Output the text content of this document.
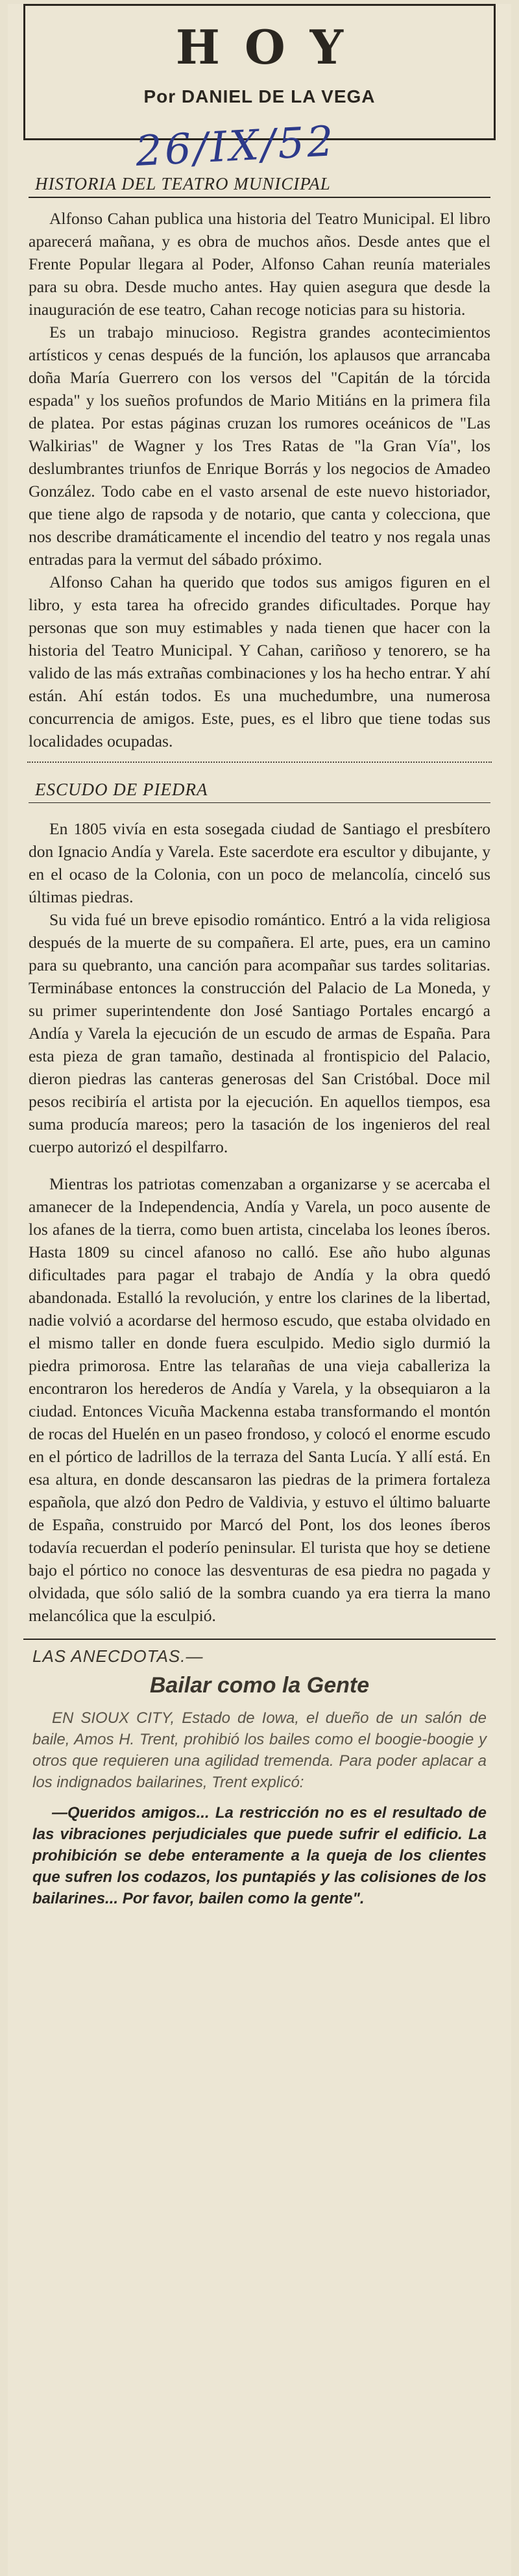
HOY
Por DANIEL DE LA VEGA
26/IX/52
HISTORIA DEL TEATRO MUNICIPAL

Alfonso Cahan publica una historia del Teatro Municipal. El libro aparecerá mañana, y es obra de muchos años. Desde antes que el Frente Popular llegara al Poder, Alfonso Cahan reunía materiales para su obra. Desde mucho antes. Hay quien asegura que desde la inauguración de ese teatro, Cahan recoge noticias para su historia.

Es un trabajo minucioso. Registra grandes acontecimientos artísticos y cenas después de la función, los aplausos que arrancaba doña María Guerrero con los versos del "Capitán de la tórcida espada" y los sueños profundos de Mario Mitiáns en la primera fila de platea. Por estas páginas cruzan los rumores oceánicos de "Las Walkirias" de Wagner y los Tres Ratas de "la Gran Vía", los deslumbrantes triunfos de Enrique Borrás y los negocios de Amadeo González. Todo cabe en el vasto arsenal de este nuevo historiador, que tiene algo de rapsoda y de notario, que canta y colecciona, que nos describe dramáticamente el incendio del teatro y nos regala unas entradas para la vermut del sábado próximo.

Alfonso Cahan ha querido que todos sus amigos figuren en el libro, y esta tarea ha ofrecido grandes dificultades. Porque hay personas que son muy estimables y nada tienen que hacer con la historia del Teatro Municipal. Y Cahan, cariñoso y tenorero, se ha valido de las más extrañas combinaciones y los ha hecho entrar. Y ahí están. Ahí están todos. Es una muchedumbre, una numerosa concurrencia de amigos. Este, pues, es el libro que tiene todas sus localidades ocupadas.

ESCUDO DE PIEDRA

En 1805 vivía en esta sosegada ciudad de Santiago el presbítero don Ignacio Andía y Varela. Este sacerdote era escultor y dibujante, y en el ocaso de la Colonia, con un poco de melancolía, cinceló sus últimas piedras.

Su vida fué un breve episodio romántico. Entró a la vida religiosa después de la muerte de su compañera. El arte, pues, era un camino para su quebranto, una canción para acompañar sus tardes solitarias. Terminábase entonces la construcción del Palacio de La Moneda, y su primer superintendente don José Santiago Portales encargó a Andía y Varela la ejecución de un escudo de armas de España. Para esta pieza de gran tamaño, destinada al frontispicio del Palacio, dieron piedras las canteras generosas del San Cristóbal. Doce mil pesos recibiría el artista por la ejecución. En aquellos tiempos, esa suma producía mareos; pero la tasación de los ingenieros del real cuerpo autorizó el despilfarro.

Mientras los patriotas comenzaban a organizarse y se acercaba el amanecer de la Independencia, Andía y Varela, un poco ausente de los afanes de la tierra, como buen artista, cincelaba los leones íberos. Hasta 1809 su cincel afanoso no calló. Ese año hubo algunas dificultades para pagar el trabajo de Andía y la obra quedó abandonada. Estalló la revolución, y entre los clarines de la libertad, nadie volvió a acordarse del hermoso escudo, que estaba olvidado en el mismo taller en donde fuera esculpido. Medio siglo durmió la piedra primorosa. Entre las telarañas de una vieja caballeriza la encontraron los herederos de Andía y Varela, y la obsequiaron a la ciudad. Entonces Vicuña Mackenna estaba transformando el montón de rocas del Huelén en un paseo frondoso, y colocó el enorme escudo en el pórtico de ladrillos de la terraza del Santa Lucía. Y allí está. En esa altura, en donde descansaron las piedras de la primera fortaleza española, que alzó don Pedro de Valdivia, y estuvo el último baluarte de España, construido por Marcó del Pont, los dos leones íberos todavía recuerdan el poderío peninsular. El turista que hoy se detiene bajo el pórtico no conoce las desventuras de esa piedra no pagada y olvidada, que sólo salió de la sombra cuando ya era tierra la mano melancólica que la esculpió.

LAS ANECDOTAS.—
Bailar como la Gente

EN SIOUX CITY, Estado de Iowa, el dueño de un salón de baile, Amos H. Trent, prohibió los bailes como el boogie-boogie y otros que requieren una agilidad tremenda. Para poder aplacar a los indignados bailarines, Trent explicó:

—Queridos amigos... La restricción no es el resultado de las vibraciones perjudiciales que puede sufrir el edificio. La prohibición se debe enteramente a la queja de los clientes que sufren los codazos, los puntapiés y las colisiones de los bailarines... Por favor, bailen como la gente".
